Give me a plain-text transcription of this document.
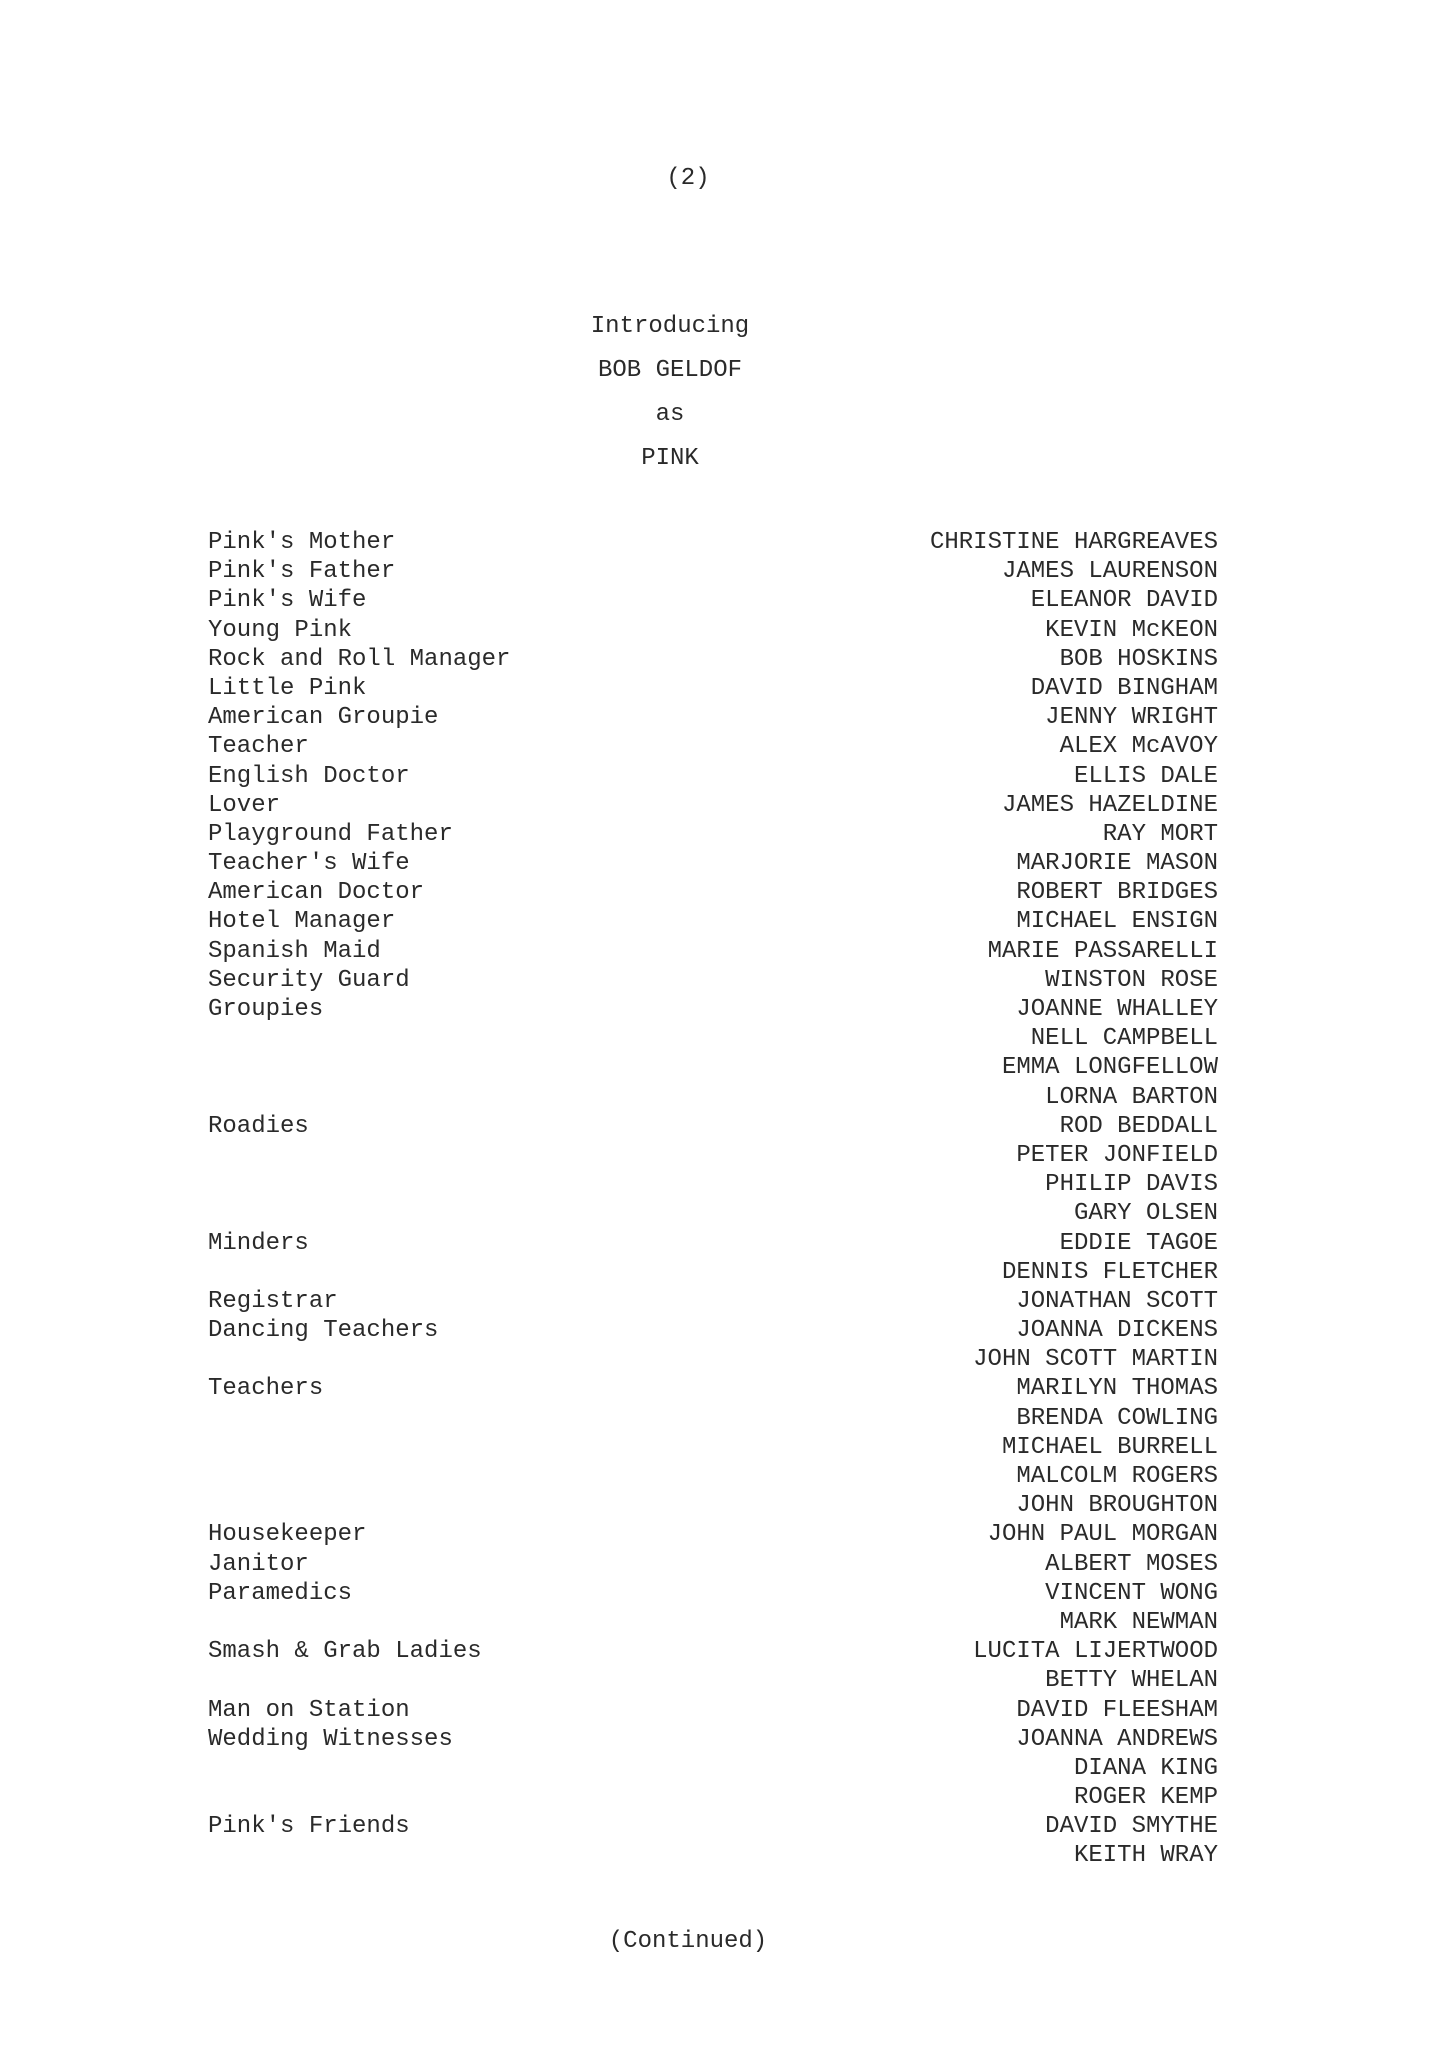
(2)
Introducing
BOB GELDOF
as
PINK
Pink's Mother	CHRISTINE HARGREAVES
Pink's Father	JAMES LAURENSON
Pink's Wife	ELEANOR DAVID
Young Pink	KEVIN McKEON
Rock and Roll Manager	BOB HOSKINS
Little Pink	DAVID BINGHAM
American Groupie	JENNY WRIGHT
Teacher	ALEX McAVOY
English Doctor	ELLIS DALE
Lover	JAMES HAZELDINE
Playground Father	RAY MORT
Teacher's Wife	MARJORIE MASON
American Doctor	ROBERT BRIDGES
Hotel Manager	MICHAEL ENSIGN
Spanish Maid	MARIE PASSARELLI
Security Guard	WINSTON ROSE
Groupies	JOANNE WHALLEY
NELL CAMPBELL
EMMA LONGFELLOW
LORNA BARTON
Roadies	ROD BEDDALL
PETER JONFIELD
PHILIP DAVIS
GARY OLSEN
Minders	EDDIE TAGOE
DENNIS FLETCHER
Registrar	JONATHAN SCOTT
Dancing Teachers	JOANNA DICKENS
JOHN SCOTT MARTIN
Teachers	MARILYN THOMAS
BRENDA COWLING
MICHAEL BURRELL
MALCOLM ROGERS
JOHN BROUGHTON
Housekeeper	JOHN PAUL MORGAN
Janitor	ALBERT MOSES
Paramedics	VINCENT WONG
MARK NEWMAN
Smash & Grab Ladies	LUCITA LIJERTWOOD
BETTY WHELAN
Man on Station	DAVID FLEESHAM
Wedding Witnesses	JOANNA ANDREWS
DIANA KING
ROGER KEMP
Pink's Friends	DAVID SMYTHE
KEITH WRAY
(Continued)
